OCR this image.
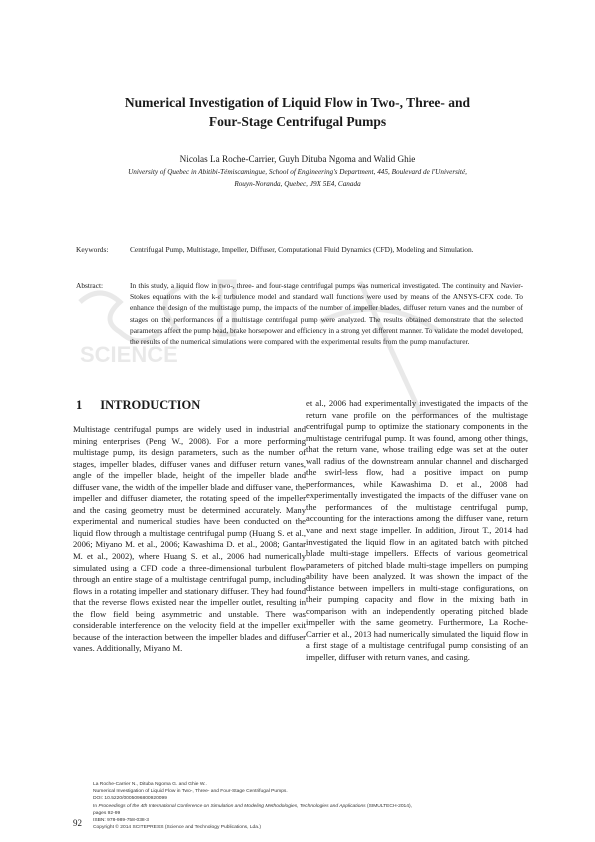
SCIENCE
Numerical Investigation of Liquid Flow in Two-, Three- and
Four-Stage Centrifugal Pumps
Nicolas La Roche-Carrier, Guyh Dituba Ngoma and Walid Ghie
University of Quebec in Abitibi-Témiscamingue, School of Engineering's Department, 445, Boulevard de l'Université,
Rouyn-Noranda, Quebec, J9X 5E4, Canada
Keywords:	Centrifugal Pump, Multistage, Impeller, Diffuser, Computational Fluid Dynamics (CFD), Modeling and Simulation.
Abstract:	In this study, a liquid flow in two-, three- and four-stage centrifugal pumps was numerical investigated. The continuity and Navier-Stokes equations with the k-ε turbulence model and standard wall functions were used by means of the ANSYS-CFX code. To enhance the design of the multistage pump, the impacts of the number of impeller blades, diffuser return vanes and the number of stages on the performances of a multistage centrifugal pump were analyzed. The results obtained demonstrate that the selected parameters affect the pump head, brake horsepower and efficiency in a strong yet different manner. To validate the model developed, the results of the numerical simulations were compared with the experimental results from the pump manufacturer.
1 INTRODUCTION
Multistage centrifugal pumps are widely used in industrial and mining enterprises (Peng W., 2008). For a more performing multistage pump, its design parameters, such as the number of stages, impeller blades, diffuser vanes and diffuser return vanes, angle of the impeller blade, height of the impeller blade and diffuser vane, the width of the impeller blade and diffuser vane, the impeller and diffuser diameter, the rotating speed of the impeller and the casing geometry must be determined accurately. Many experimental and numerical studies have been conducted on the liquid flow through a multistage centrifugal pump (Huang S. et al., 2006; Miyano M. et al., 2006; Kawashima D. et al., 2008; Gantar M. et al., 2002), where Huang S. et al., 2006 had numerically simulated using a CFD code a three-dimensional turbulent flow through an entire stage of a multistage centrifugal pump, including flows in a rotating impeller and stationary diffuser. They had found that the reverse flows existed near the impeller outlet, resulting in the flow field being asymmetric and unstable. There was considerable interference on the velocity field at the impeller exit because of the interaction between the impeller blades and diffuser vanes. Additionally, Miyano M.
et al., 2006 had experimentally investigated the impacts of the return vane profile on the performances of the multistage centrifugal pump to optimize the stationary components in the multistage centrifugal pump. It was found, among other things, that the return vane, whose trailing edge was set at the outer wall radius of the downstream annular channel and discharged the swirl-less flow, had a positive impact on pump performances, while Kawashima D. et al., 2008 had experimentally investigated the impacts of the diffuser vane on the performances of the multistage centrifugal pump, accounting for the interactions among the diffuser vane, return vane and next stage impeller. In addition, Jirout T., 2014 had investigated the liquid flow in an agitated batch with pitched blade multi-stage impellers. Effects of various geometrical parameters of pitched blade multi-stage impellers on pumping ability have been analyzed. It was shown the impact of the distance between impellers in multi-stage configurations, on their pumping capacity and flow in the mixing bath in comparison with an independently operating pitched blade impeller with the same geometry. Furthermore, La Roche-Carrier et al., 2013 had numerically simulated the liquid flow in a first stage of a multistage centrifugal pump consisting of an impeller, diffuser with return vanes, and casing.
92
La Roche-Carrier N., Dituba Ngoma G. and Ghie W..
Numerical Investigation of Liquid Flow in Two-, Three- and Four-Stage Centrifugal Pumps.
DOI: 10.5220/0005096800920099
In Proceedings of the 4th International Conference on Simulation and Modeling Methodologies, Technologies and Applications (SIMULTECH-2014),
pages 92-99
ISBN: 978-989-758-038-3
Copyright © 2014 SCITEPRESS (Science and Technology Publications, Lda.)
